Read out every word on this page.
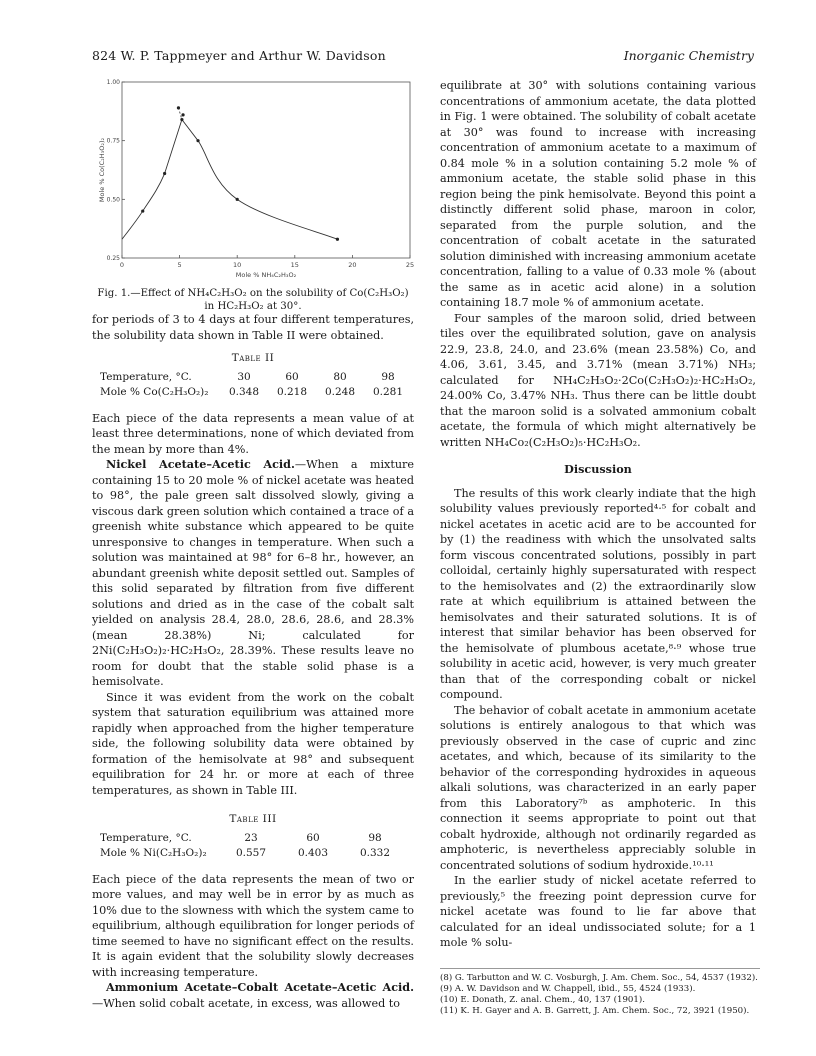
824 W. P. Tappmeyer and Arthur W. Davidson	Inorganic Chemistry
0	5	10	15	20	25
1.00
0.75
0.50
0.25
Mole % NH₄C₂H₃O₂
Mole % Co(C₂H₃O₂)₂
Fig. 1.—Effect of NH₄C₂H₃O₂ on the solubility of Co(C₂H₃O₂)
in HC₂H₃O₂ at 30°.

for periods of 3 to 4 days at four different temperatures, the solubility data shown in Table II were obtained.

Table II
Temperature, °C.	30	60	80	98
Mole % Co(C₂H₃O₂)₂	0.348	0.218	0.248	0.281

Each piece of the data represents a mean value of at least three determinations, none of which deviated from the mean by more than 4%.

Nickel Acetate–Acetic Acid.—When a mixture containing 15 to 20 mole % of nickel acetate was heated to 98°, the pale green salt dissolved slowly, giving a viscous dark green solution which contained a trace of a greenish white substance which appeared to be quite unresponsive to changes in temperature. When such a solution was maintained at 98° for 6–8 hr., however, an abundant greenish white deposit settled out. Samples of this solid separated by filtration from five different solutions and dried as in the case of the cobalt salt yielded on analysis 28.4, 28.0, 28.6, 28.6, and 28.3% (mean 28.38%) Ni; calculated for 2Ni(C₂H₃O₂)₂·HC₂H₃O₂, 28.39%. These results leave no room for doubt that the stable solid phase is a hemisolvate.

Since it was evident from the work on the cobalt system that saturation equilibrium was attained more rapidly when approached from the higher temperature side, the following solubility data were obtained by formation of the hemisolvate at 98° and subsequent equilibration for 24 hr. or more at each of three temperatures, as shown in Table III.

Table III
Temperature, °C.	23	60	98
Mole % Ni(C₂H₃O₂)₂	0.557	0.403	0.332

Each piece of the data represents the mean of two or more values, and may well be in error by as much as 10% due to the slowness with which the system came to equilibrium, although equilibration for longer periods of time seemed to have no significant effect on the results. It is again evident that the solubility slowly decreases with increasing temperature.

Ammonium Acetate–Cobalt Acetate–Acetic Acid.—When solid cobalt acetate, in excess, was allowed to

equilibrate at 30° with solutions containing various concentrations of ammonium acetate, the data plotted in Fig. 1 were obtained. The solubility of cobalt acetate at 30° was found to increase with increasing concentration of ammonium acetate to a maximum of 0.84 mole % in a solution containing 5.2 mole % of ammonium acetate, the stable solid phase in this region being the pink hemisolvate. Beyond this point a distinctly different solid phase, maroon in color, separated from the purple solution, and the concentration of cobalt acetate in the saturated solution diminished with increasing ammonium acetate concentration, falling to a value of 0.33 mole % (about the same as in acetic acid alone) in a solution containing 18.7 mole % of ammonium acetate.

Four samples of the maroon solid, dried between tiles over the equilibrated solution, gave on analysis 22.9, 23.8, 24.0, and 23.6% (mean 23.58%) Co, and 4.06, 3.61, 3.45, and 3.71% (mean 3.71%) NH₃; calculated for NH₄C₂H₃O₂·2Co(C₂H₃O₂)₂·HC₂H₃O₂, 24.00% Co, 3.47% NH₃. Thus there can be little doubt that the maroon solid is a solvated ammonium cobalt acetate, the formula of which might alternatively be written NH₄Co₂(C₂H₃O₂)₅·HC₂H₃O₂.

Discussion

The results of this work clearly indiate that the high solubility values previously reported⁴·⁵ for cobalt and nickel acetates in acetic acid are to be accounted for by (1) the readiness with which the unsolvated salts form viscous concentrated solutions, possibly in part colloidal, certainly highly supersaturated with respect to the hemisolvates and (2) the extraordinarily slow rate at which equilibrium is attained between the hemisolvates and their saturated solutions. It is of interest that similar behavior has been observed for the hemisolvate of plumbous acetate,⁸·⁹ whose true solubility in acetic acid, however, is very much greater than that of the corresponding cobalt or nickel compound.

The behavior of cobalt acetate in ammonium acetate solutions is entirely analogous to that which was previously observed in the case of cupric and zinc acetates, and which, because of its similarity to the behavior of the corresponding hydroxides in aqueous alkali solutions, was characterized in an early paper from this Laboratory⁷ᵇ as amphoteric. In this connection it seems appropriate to point out that cobalt hydroxide, although not ordinarily regarded as amphoteric, is nevertheless appreciably soluble in concentrated solutions of sodium hydroxide.¹⁰·¹¹

In the earlier study of nickel acetate referred to previously,⁵ the freezing point depression curve for nickel acetate was found to lie far above that calculated for an ideal undissociated solute; for a 1 mole % solu-

(8) G. Tarbutton and W. C. Vosburgh, J. Am. Chem. Soc., 54, 4537 (1932).
(9) A. W. Davidson and W. Chappell, ibid., 55, 4524 (1933).
(10) E. Donath, Z. anal. Chem., 40, 137 (1901).
(11) K. H. Gayer and A. B. Garrett, J. Am. Chem. Soc., 72, 3921 (1950).
